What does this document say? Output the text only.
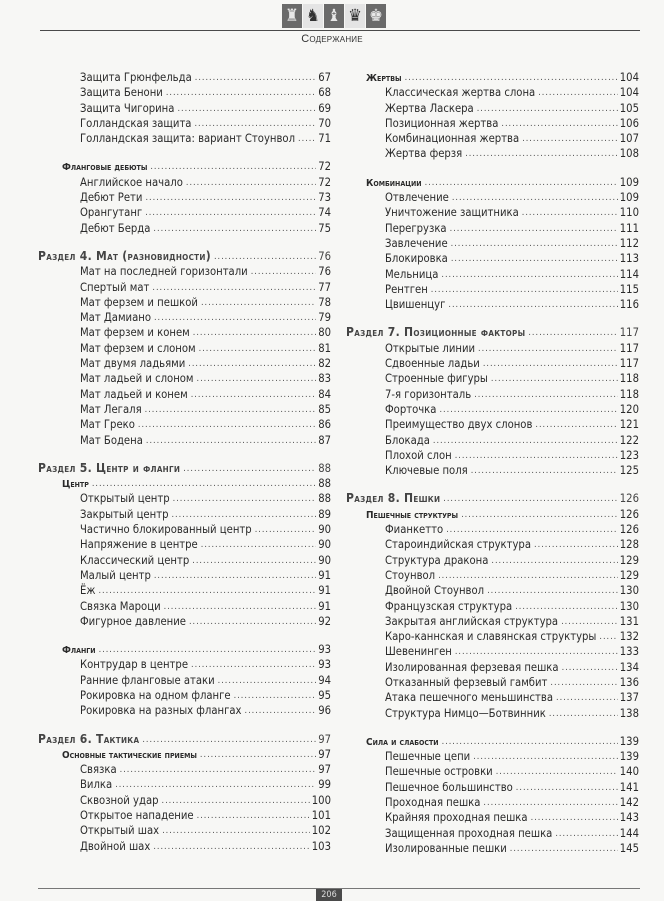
♜ ♞ ♝ ♛ ♚
Содержание
Защита Грюнфельда .....	67
Защита Бенони .....	68
Защита Чигорина .....	69
Голландская защита .....	70
Голландская защита: вариант Стоунвол ..... 71
Фланговые дебюты .....	72
Английское начало .....	72
Дебют Рети .....	73
Орангутанг .....	74
Дебют Берда .....	75
Раздел 4. Мат (разновидности) .....	76
Мат на последней горизонтали .....	76
Спертый мат .....	77
Мат ферзем и пешкой .....	78
Мат Дамиано .....	79
Мат ферзем и конем .....	80
Мат ферзем и слоном .....	81
Мат двумя ладьями .....	82
Мат ладьей и слоном .....	83
Мат ладьей и конем .....	84
Мат Легаля .....	85
Мат Греко .....	86
Мат Бодена .....	87
Раздел 5. Центр и фланги .....	88
Центр .....	88
Открытый центр .....	88
Закрытый центр .....	89
Частично блокированный центр .....	90
Напряжение в центре .....	90
Классический центр .....	90
Малый центр .....	91
Ёж .....	91
Связка Мароци .....	91
Фигурное давление .....	92
Фланги .....	93
Контрудар в центре .....	93
Ранние фланговые атаки .....	94
Рокировка на одном фланге .....	95
Рокировка на разных флангах .....	96
Раздел 6. Тактика .....	97
Основные тактические приемы .....	97
Связка .....	97
Вилка .....	99
Сквозной удар .....	100
Открытое нападение .....	101
Открытый шах .....	102
Двойной шах .....	103
Жертвы .....	104
Классическая жертва слона .....	104
Жертва Ласкера .....	105
Позиционная жертва .....	106
Комбинационная жертва .....	107
Жертва ферзя .....	108
Комбинации .....	109
Отвлечение .....	109
Уничтожение защитника .....	110
Перегрузка .....	111
Завлечение .....	112
Блокировка .....	113
Мельница .....	114
Рентген .....	115
Цвишенцуг .....	116
Раздел 7. Позиционные факторы .....	117
Открытые линии .....	117
Сдвоенные ладьи .....	117
Строенные фигуры .....	118
7-я горизонталь .....	118
Форточка .....	120
Преимущество двух слонов .....	121
Блокада .....	122
Плохой слон .....	123
Ключевые поля .....	125
Раздел 8. Пешки .....	126
Пешечные структуры .....	126
Фианкетто .....	126
Староиндийская структура .....	128
Структура дракона .....	129
Стоунвол .....	129
Двойной Стоунвол .....	130
Французская структура .....	130
Закрытая английская структура .....	131
Каро-каннская и славянская структуры ..... 132
Шевенинген .....	133
Изолированная ферзевая пешка .....	134
Отказанный ферзевый гамбит .....	136
Атака пешечного меньшинства .....	137
Структура Нимцо—Ботвинник .....	138
Сила и слабости .....	139
Пешечные цепи .....	139
Пешечные островки .....	140
Пешечное большинство .....	141
Проходная пешка .....	142
Крайняя проходная пешка .....	143
Защищенная проходная пешка .....	144
Изолированные пешки .....	145
206
